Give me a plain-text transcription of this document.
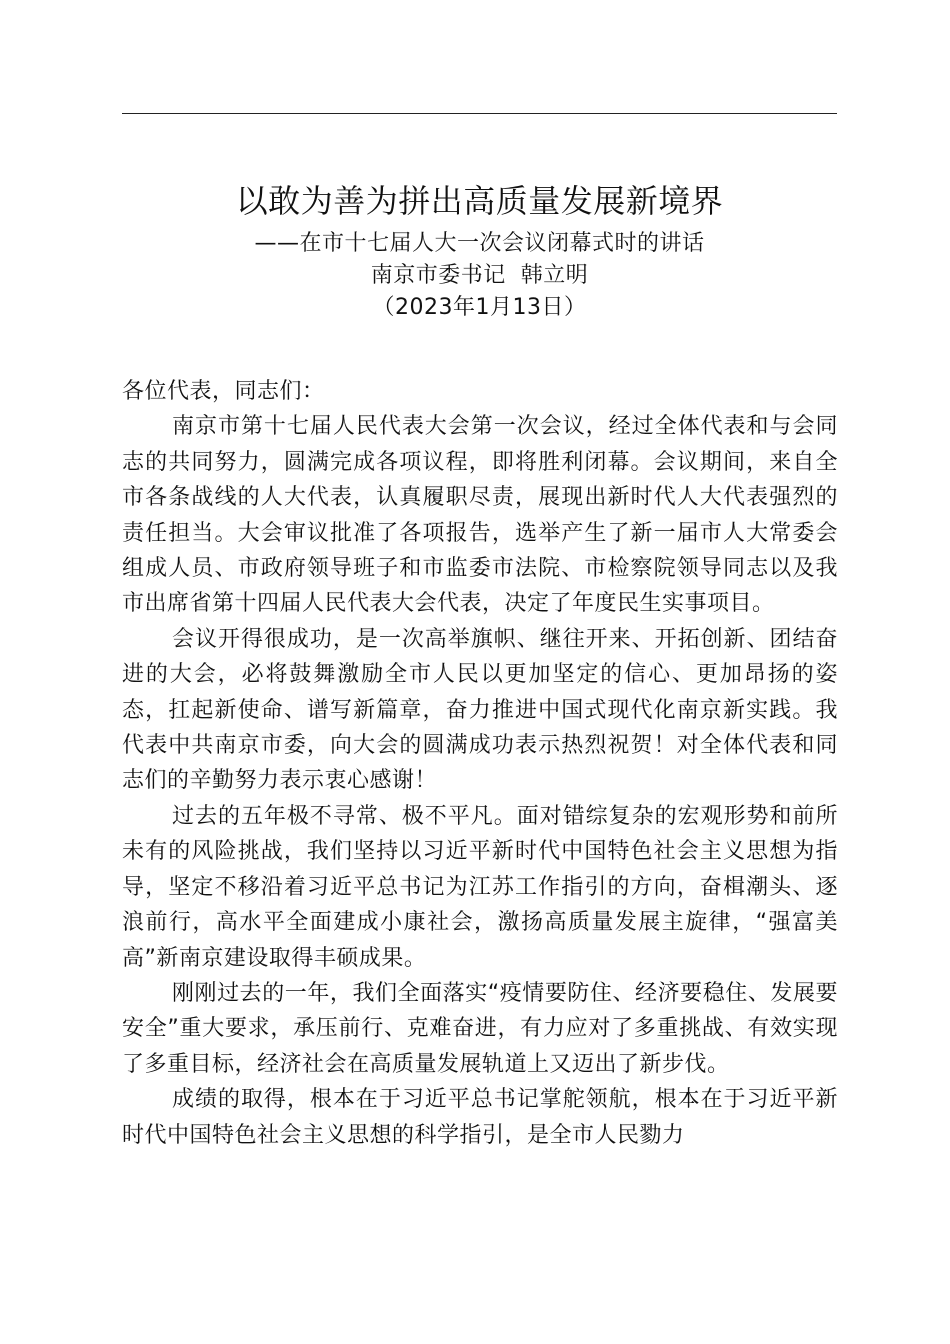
以敢为善为拼出高质量发展新境界

——在市十七届人大一次会议闭幕式时的讲话

南京市委书记  韩立明

（2023年1月13日）

各位代表，同志们：

南京市第十七届人民代表大会第一次会议，经过全体代表和与会同志的共同努力，圆满完成各项议程，即将胜利闭幕。会议期间，来自全市各条战线的人大代表，认真履职尽责，展现出新时代人大代表强烈的责任担当。大会审议批准了各项报告，选举产生了新一届市人大常委会组成人员、市政府领导班子和市监委市法院、市检察院领导同志以及我市出席省第十四届人民代表大会代表，决定了年度民生实事项目。

会议开得很成功，是一次高举旗帜、继往开来、开拓创新、团结奋进的大会，必将鼓舞激励全市人民以更加坚定的信心、更加昂扬的姿态，扛起新使命、谱写新篇章，奋力推进中国式现代化南京新实践。我代表中共南京市委，向大会的圆满成功表示热烈祝贺！对全体代表和同志们的辛勤努力表示衷心感谢！

过去的五年极不寻常、极不平凡。面对错综复杂的宏观形势和前所未有的风险挑战，我们坚持以习近平新时代中国特色社会主义思想为指导，坚定不移沿着习近平总书记为江苏工作指引的方向，奋楫潮头、逐浪前行，高水平全面建成小康社会，激扬高质量发展主旋律，“强富美高”新南京建设取得丰硕成果。

刚刚过去的一年，我们全面落实“疫情要防住、经济要稳住、发展要安全”重大要求，承压前行、克难奋进，有力应对了多重挑战、有效实现了多重目标，经济社会在高质量发展轨道上又迈出了新步伐。

成绩的取得，根本在于习近平总书记掌舵领航，根本在于习近平新时代中国特色社会主义思想的科学指引，是全市人民勠力
